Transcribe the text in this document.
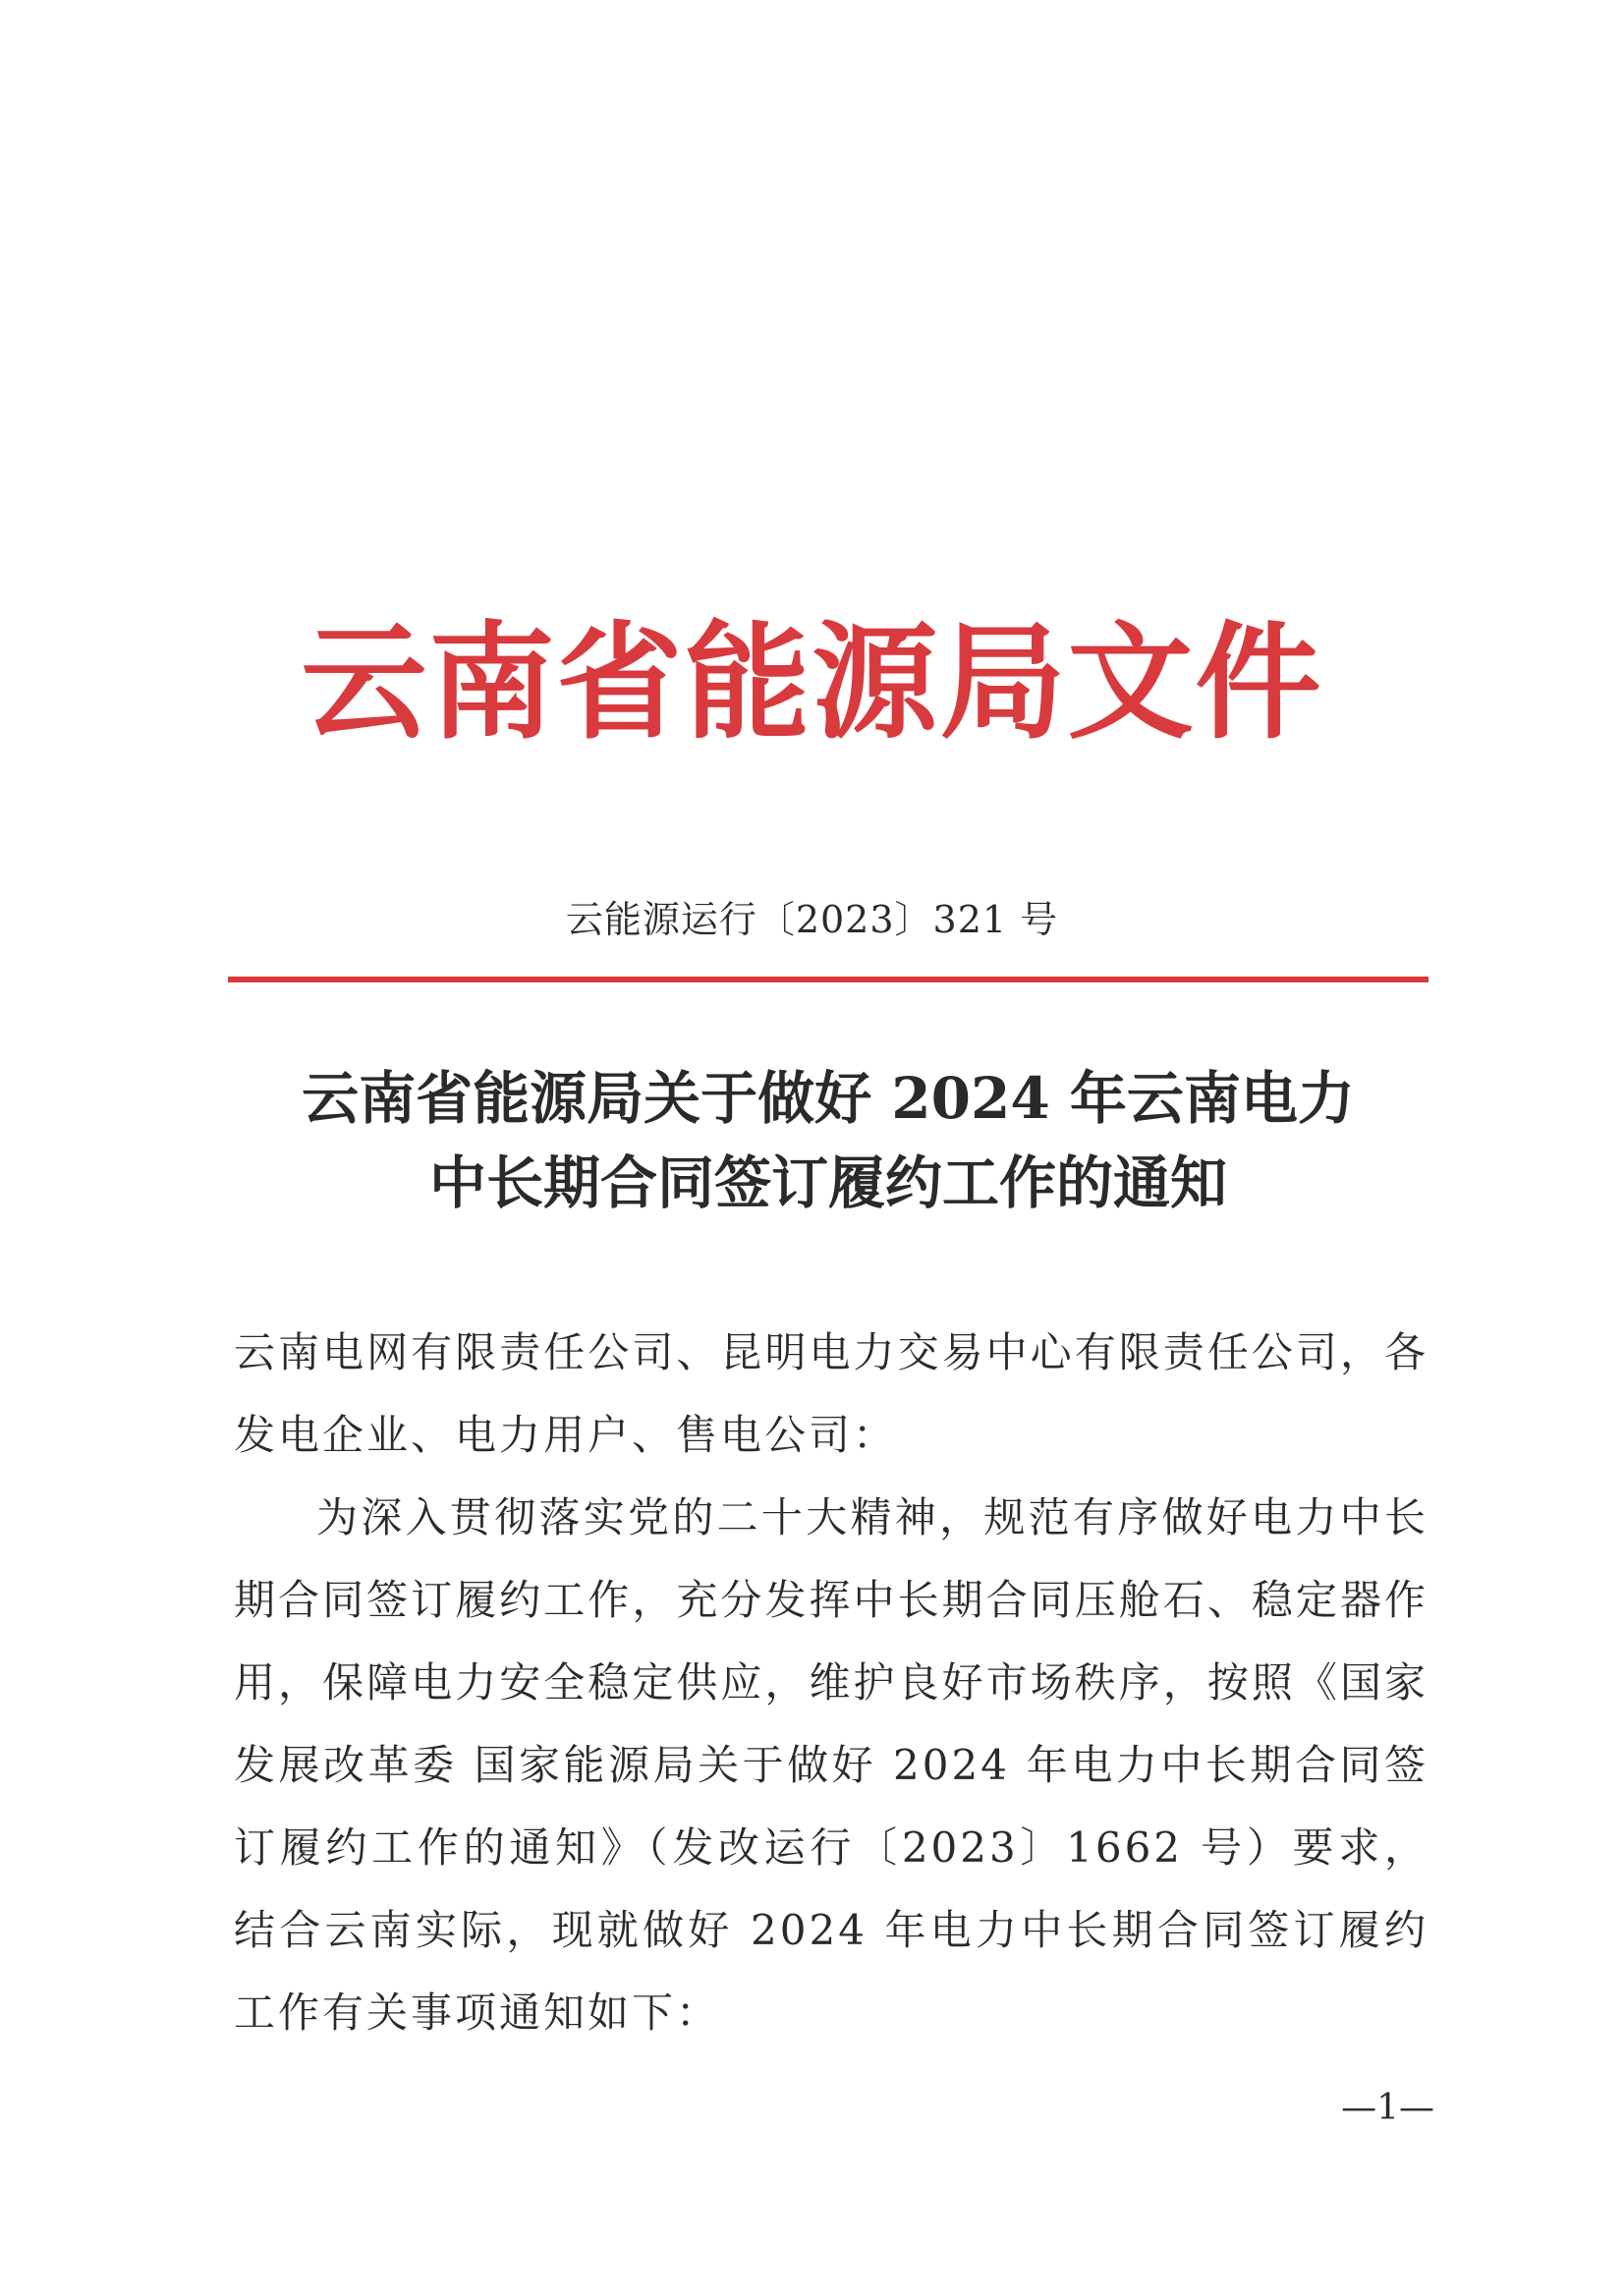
云南省能源局文件
云能源运行〔2023〕321 号
云南省能源局关于做好 2024 年云南电力
中长期合同签订履约工作的通知
云南电网有限责任公司、昆明电力交易中心有限责任公司，各发电企业、电力用户、售电公司：
为深入贯彻落实党的二十大精神，规范有序做好电力中长期合同签订履约工作，充分发挥中长期合同压舱石、稳定器作用，保障电力安全稳定供应，维护良好市场秩序，按照《国家发展改革委 国家能源局关于做好 2024 年电力中长期合同签订履约工作的通知》（发改运行〔2023〕1662 号）要求，结合云南实际，现就做好 2024 年电力中长期合同签订履约工作有关事项通知如下：
—1—
